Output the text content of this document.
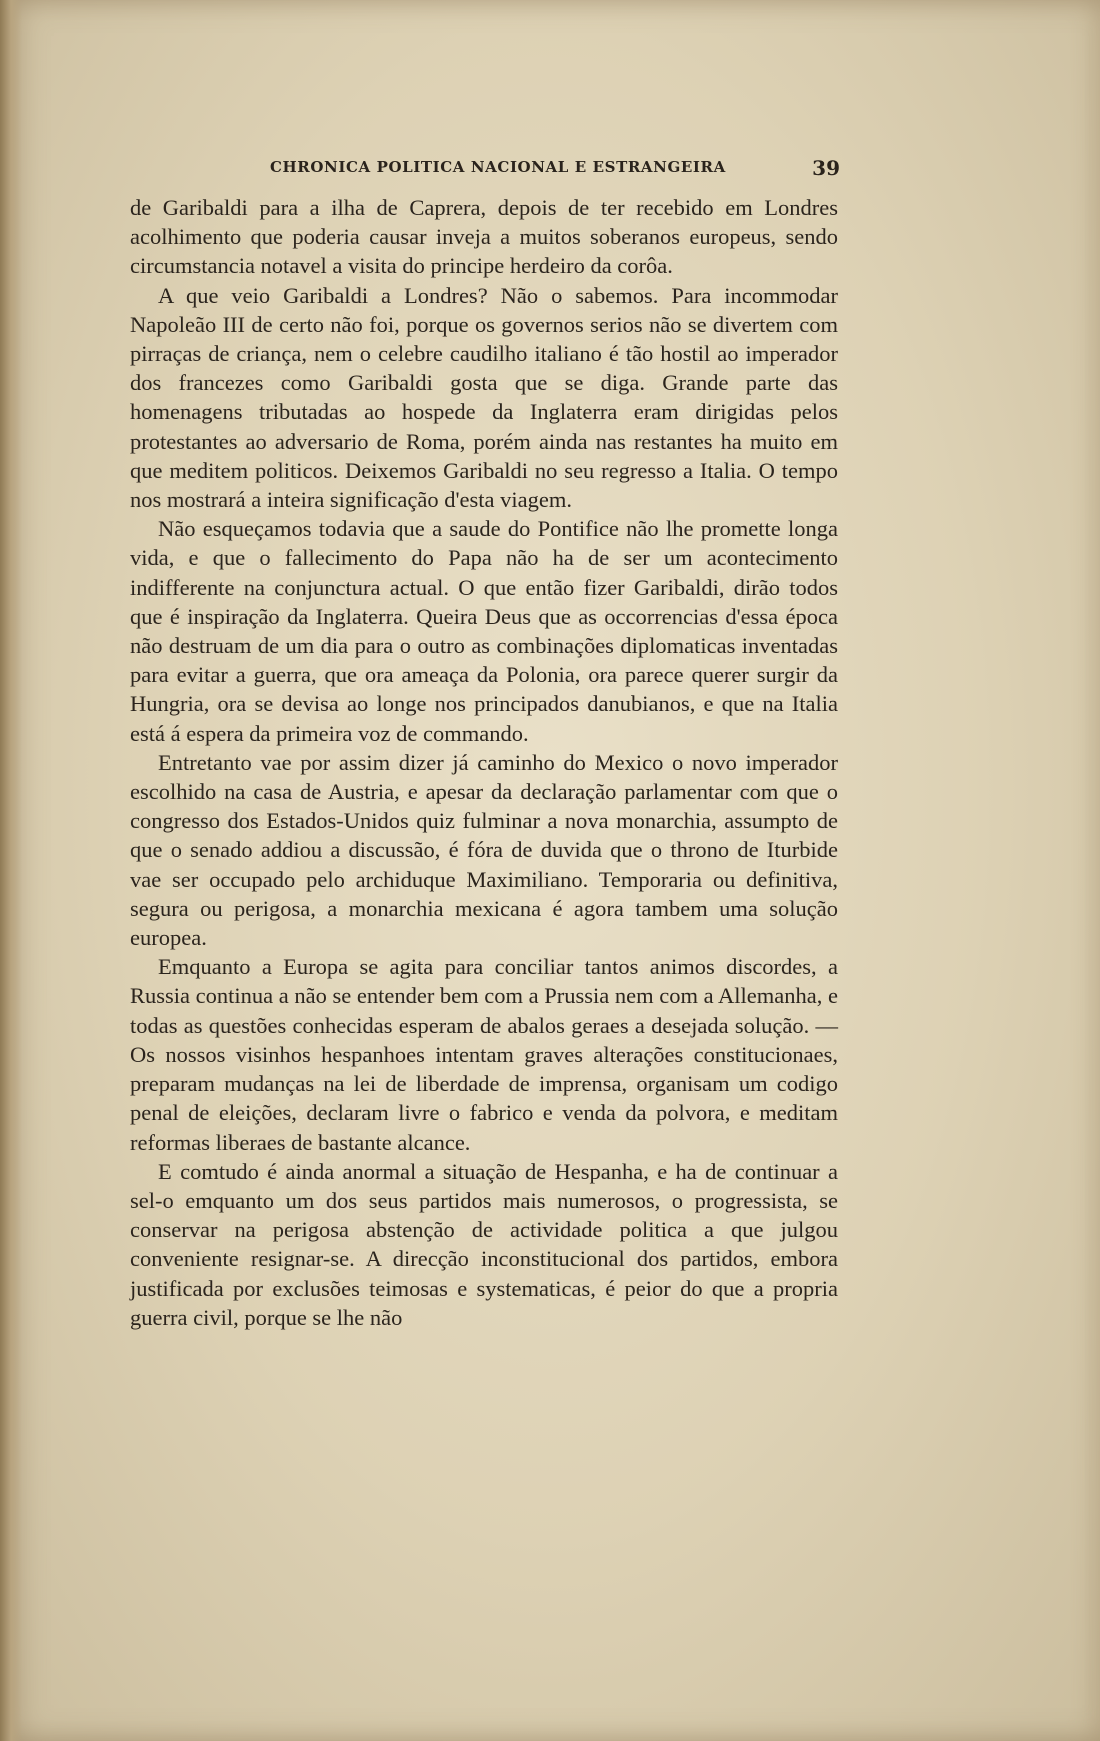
CHRONICA POLITICA NACIONAL E ESTRANGEIRA	39

de Garibaldi para a ilha de Caprera, depois de ter recebido em Londres acolhimento que poderia causar inveja a muitos soberanos europeus, sendo circumstancia notavel a visita do principe herdeiro da corôa.

A que veio Garibaldi a Londres? Não o sabemos. Para incommodar Napoleão III de certo não foi, porque os governos serios não se divertem com pirraças de criança, nem o celebre caudilho italiano é tão hostil ao imperador dos francezes como Garibaldi gosta que se diga. Grande parte das homenagens tributadas ao hospede da Inglaterra eram dirigidas pelos protestantes ao adversario de Roma, porém ainda nas restantes ha muito em que meditem politicos. Deixemos Garibaldi no seu regresso a Italia. O tempo nos mostrará a inteira significação d'esta viagem.

Não esqueçamos todavia que a saude do Pontifice não lhe promette longa vida, e que o fallecimento do Papa não ha de ser um acontecimento indifferente na conjunctura actual. O que então fizer Garibaldi, dirão todos que é inspiração da Inglaterra. Queira Deus que as occorrencias d'essa época não destruam de um dia para o outro as combinações diplomaticas inventadas para evitar a guerra, que ora ameaça da Polonia, ora parece querer surgir da Hungria, ora se devisa ao longe nos principados danubianos, e que na Italia está á espera da primeira voz de commando.

Entretanto vae por assim dizer já caminho do Mexico o novo imperador escolhido na casa de Austria, e apesar da declaração parlamentar com que o congresso dos Estados-Unidos quiz fulminar a nova monarchia, assumpto de que o senado addiou a discussão, é fóra de duvida que o throno de Iturbide vae ser occupado pelo archiduque Maximiliano. Temporaria ou definitiva, segura ou perigosa, a monarchia mexicana é agora tambem uma solução europea.

Emquanto a Europa se agita para conciliar tantos animos discordes, a Russia continua a não se entender bem com a Prussia nem com a Allemanha, e todas as questões conhecidas esperam de abalos geraes a desejada solução. — Os nossos visinhos hespanhoes intentam graves alterações constitucionaes, preparam mudanças na lei de liberdade de imprensa, organisam um codigo penal de eleições, declaram livre o fabrico e venda da polvora, e meditam reformas liberaes de bastante alcance.

E comtudo é ainda anormal a situação de Hespanha, e ha de continuar a sel-o emquanto um dos seus partidos mais numerosos, o progressista, se conservar na perigosa abstenção de actividade politica a que julgou conveniente resignar-se. A direcção inconstitucional dos partidos, embora justificada por exclusões teimosas e systematicas, é peior do que a propria guerra civil, porque se lhe não
